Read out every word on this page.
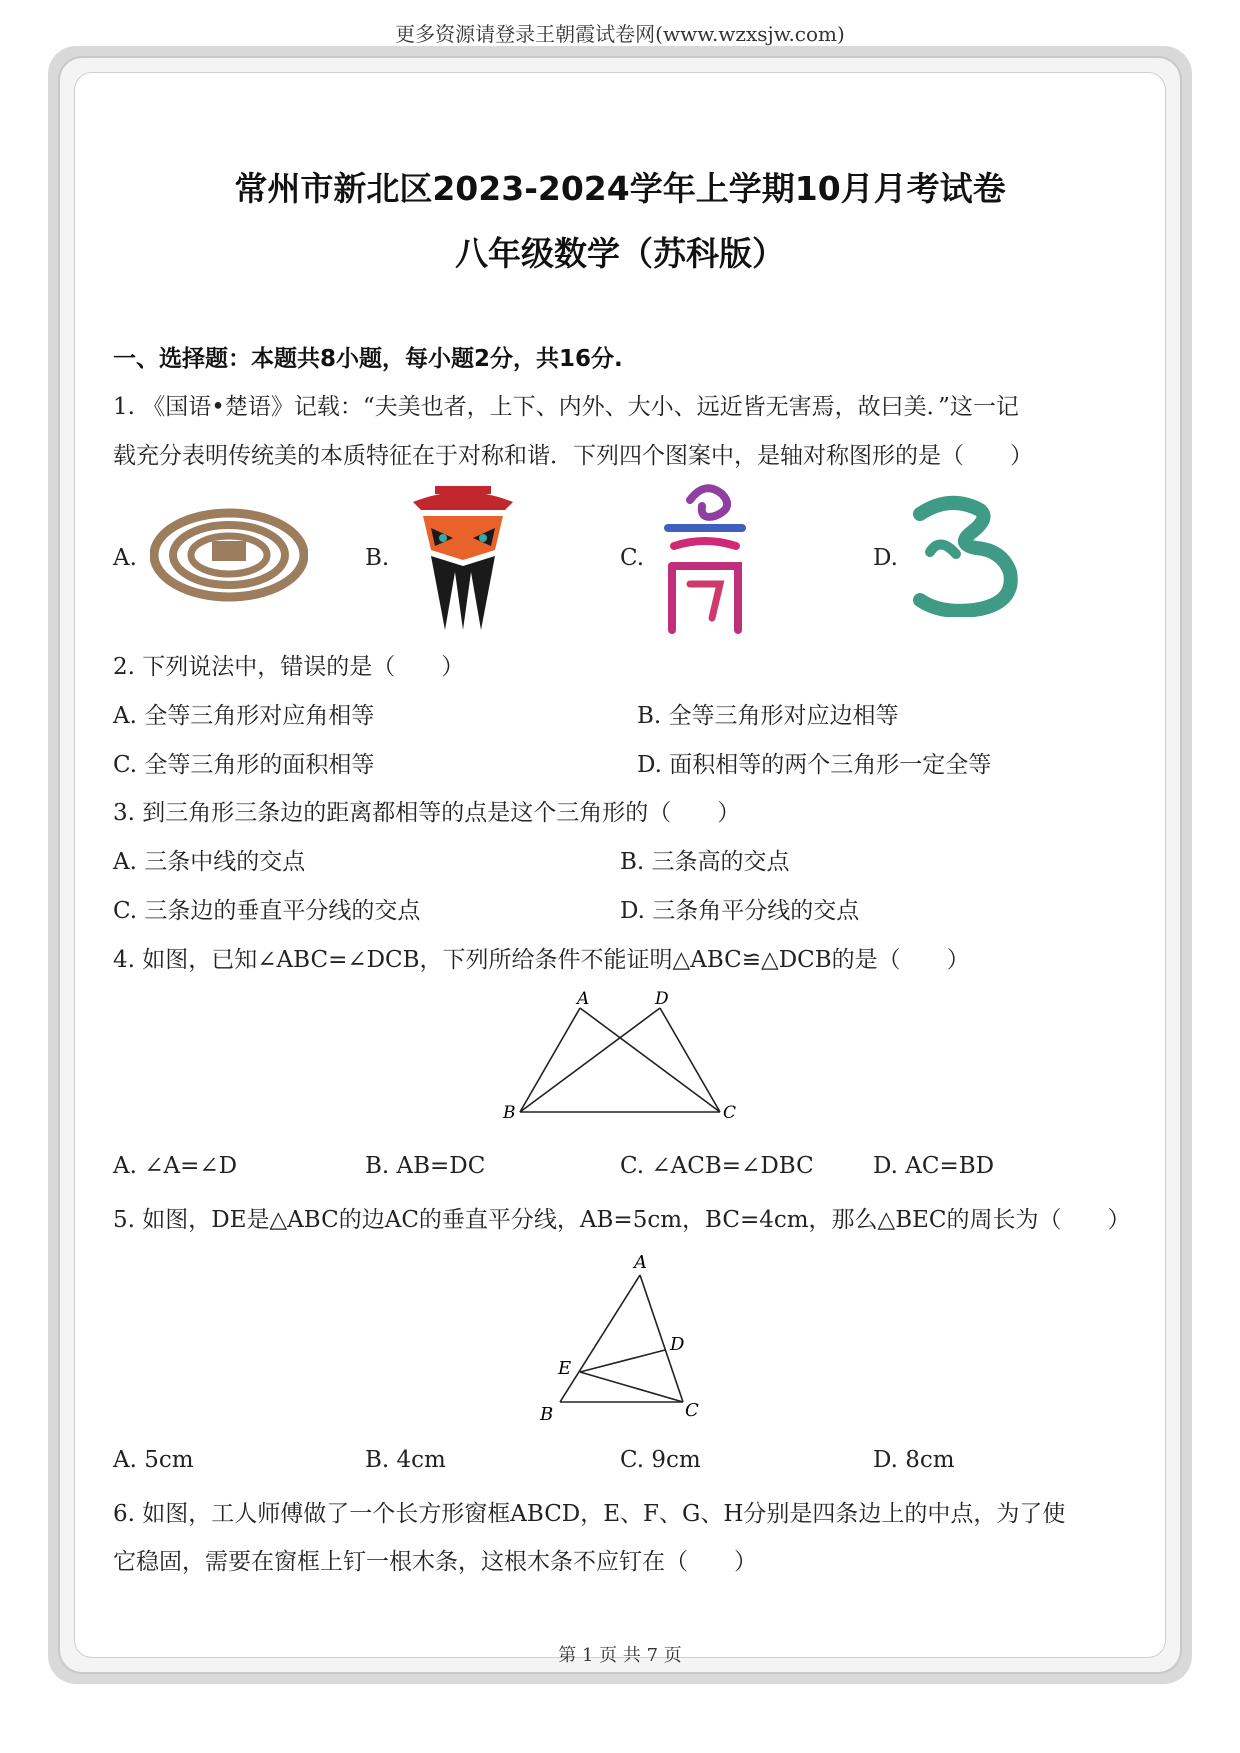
更多资源请登录王朝霞试卷网(www.wzxsjw.com)
常州市新北区2023-2024学年上学期10月月考试卷
八年级数学（苏科版）
一、选择题：本题共8小题，每小题2分，共16分.
1. 《国语•楚语》记载：“夫美也者，上下、内外、大小、远近皆无害焉，故曰美．”这一记
载充分表明传统美的本质特征在于对称和谐．下列四个图案中，是轴对称图形的是（　　）
A.	B.	C.	D.
2. 下列说法中，错误的是（　　）
A. 全等三角形对应角相等	B. 全等三角形对应边相等
C. 全等三角形的面积相等	D. 面积相等的两个三角形一定全等
3. 到三角形三条边的距离都相等的点是这个三角形的（　　）
A. 三条中线的交点	B. 三条高的交点
C. 三条边的垂直平分线的交点	D. 三条角平分线的交点
4. 如图，已知∠ABC=∠DCB，下列所给条件不能证明△ABC≌△DCB的是（　　）
A	D
B	C
A. ∠A=∠D	B. AB=DC	C. ∠ACB=∠DBC	D. AC=BD
5. 如图，DE是△ABC的边AC的垂直平分线，AB=5cm，BC=4cm，那么△BEC的周长为（　　）
A
D
E
B	C
A. 5cm	B. 4cm	C. 9cm	D. 8cm
6. 如图，工人师傅做了一个长方形窗框ABCD，E、F、G、H分别是四条边上的中点，为了使
它稳固，需要在窗框上钉一根木条，这根木条不应钉在（　　）
第 1 页 共 7 页
